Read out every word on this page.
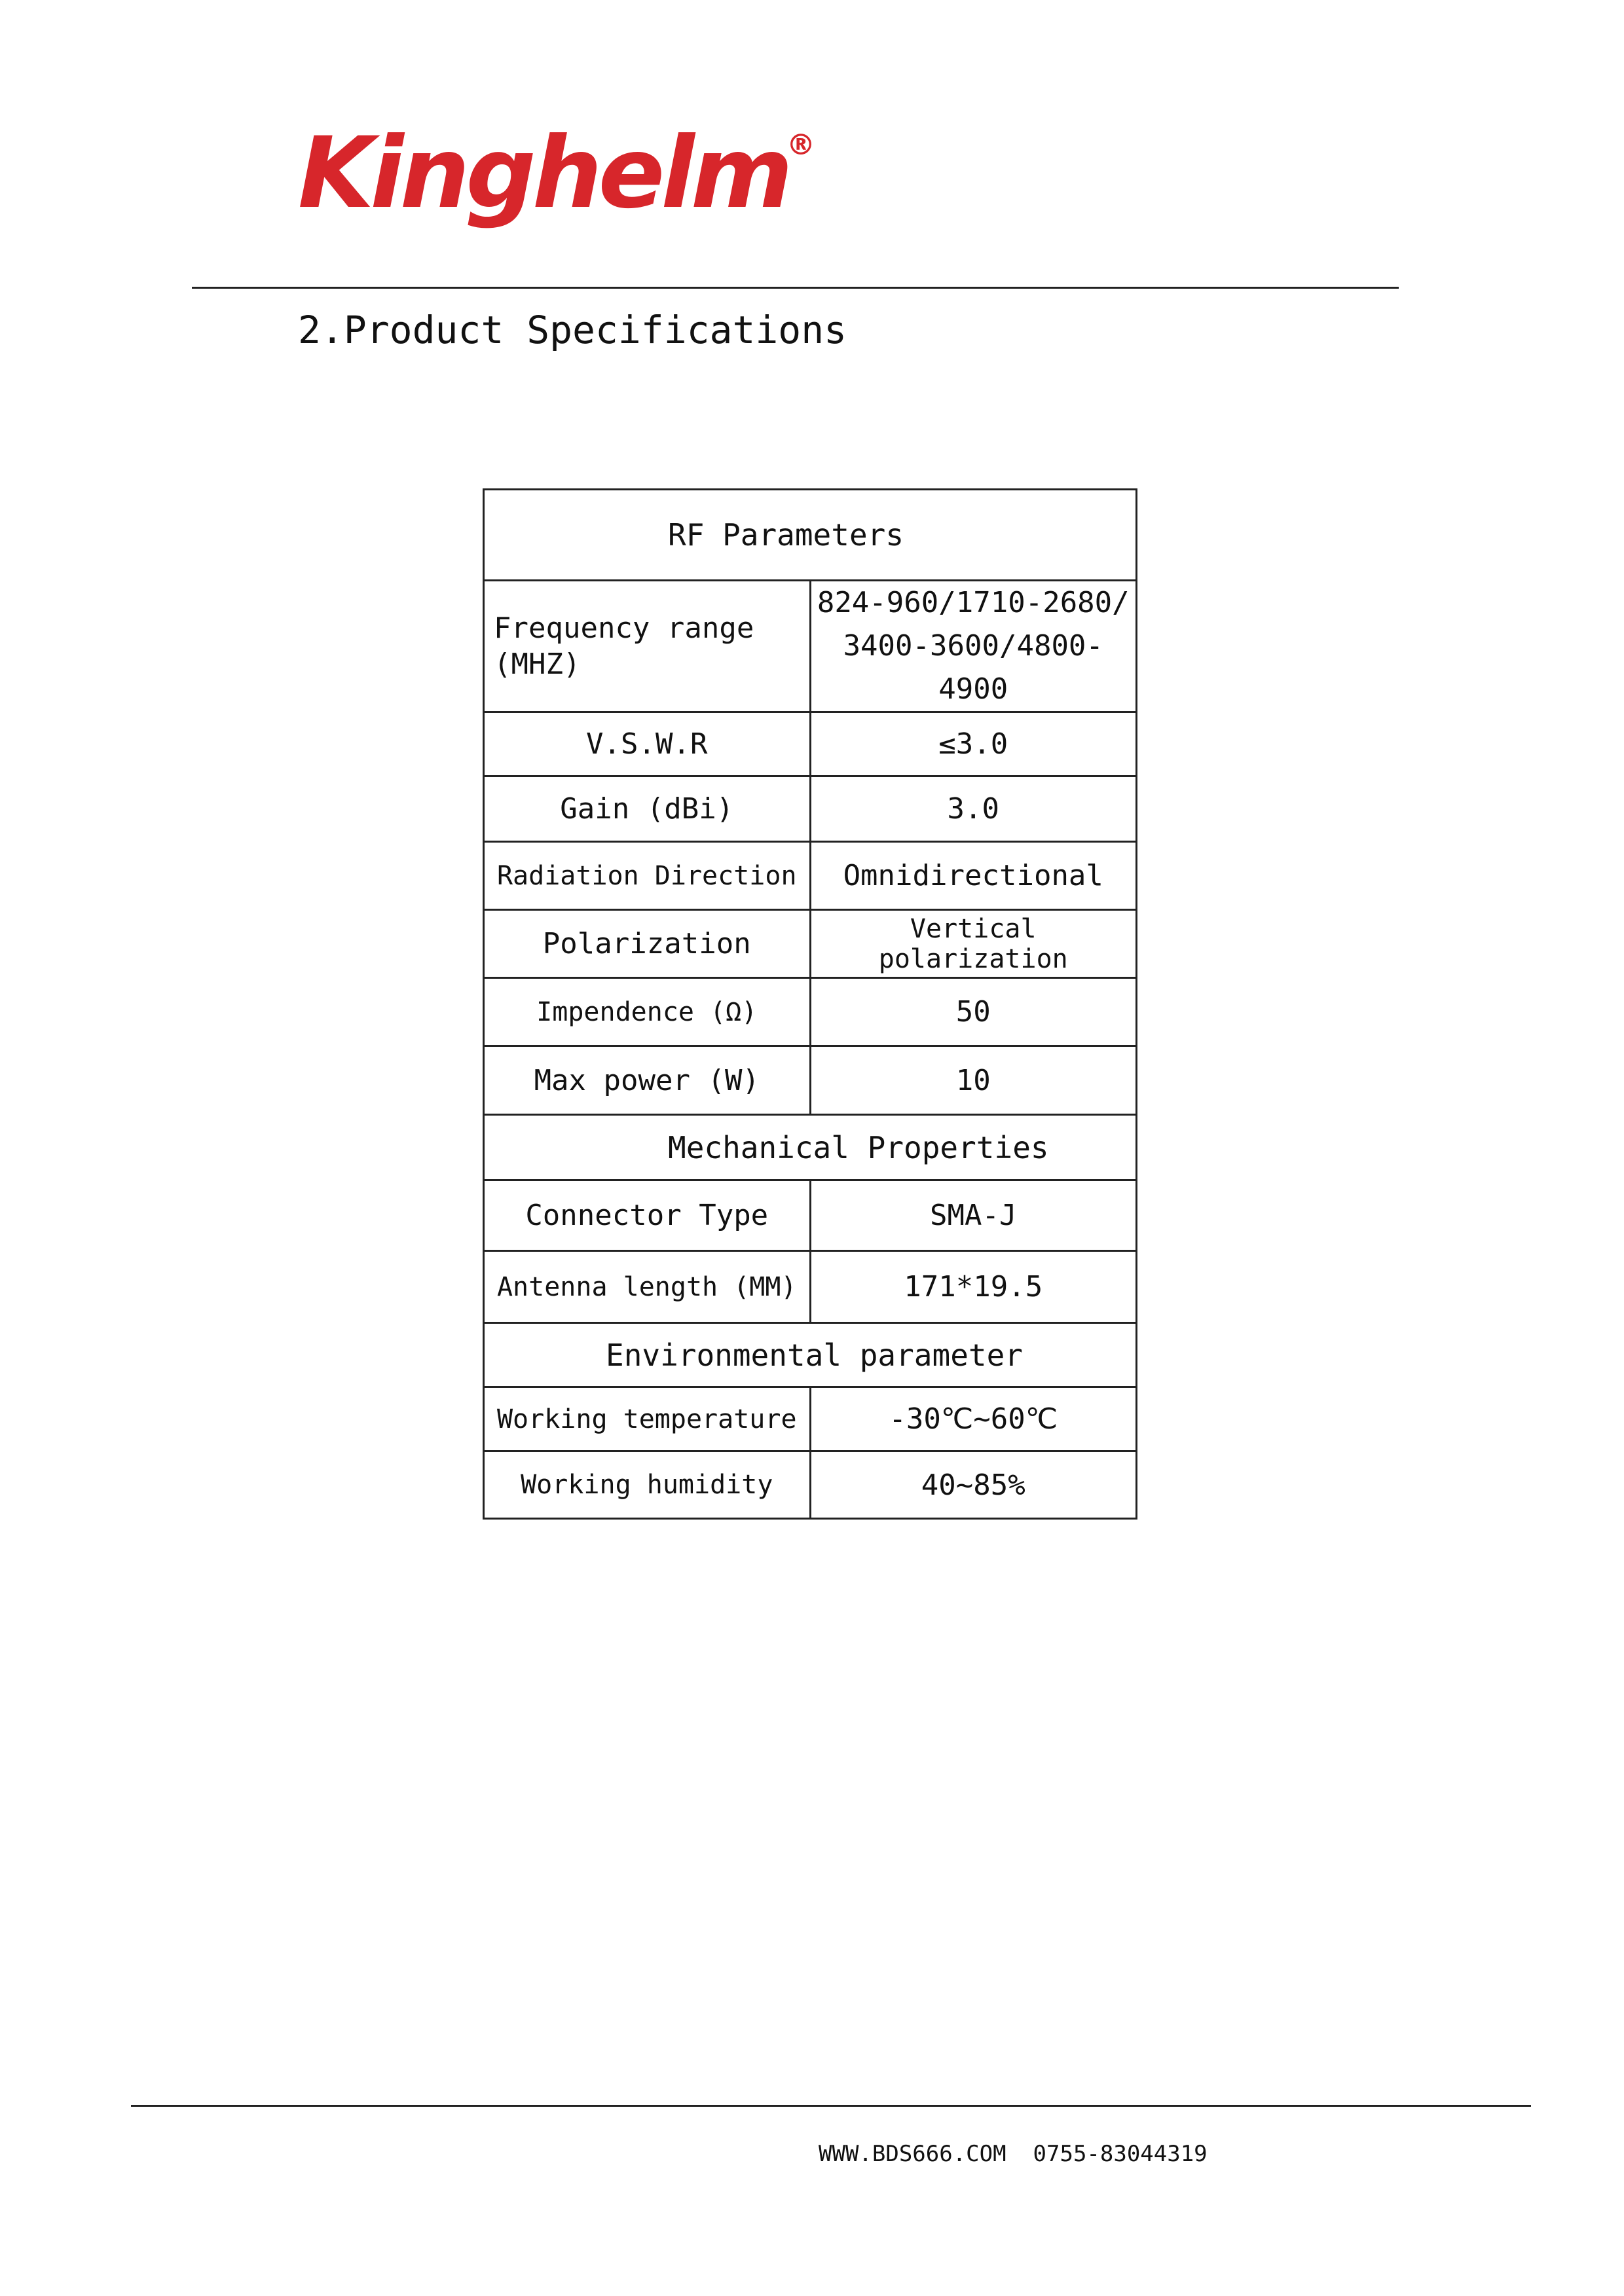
Kinghelm
®
2.Product Specifications
RF Parameters	
Frequency range (MHZ)	824-960/1710-2680/ 3400-3600/4800-4900
V.S.W.R	≤3.0
Gain (dBi)	3.0
Radiation Direction	Omnidirectional
Polarization	Vertical polarization
Impendence (Ω)	50
Max power (W)	10
Mechanical Properties	
Connector Type	SMA-J
Antenna length (MM)	171*19.5
Environmental parameter	
Working temperature	-30℃~60℃
Working humidity	40~85%
WWW.BDS666.COM 0755-83044319
